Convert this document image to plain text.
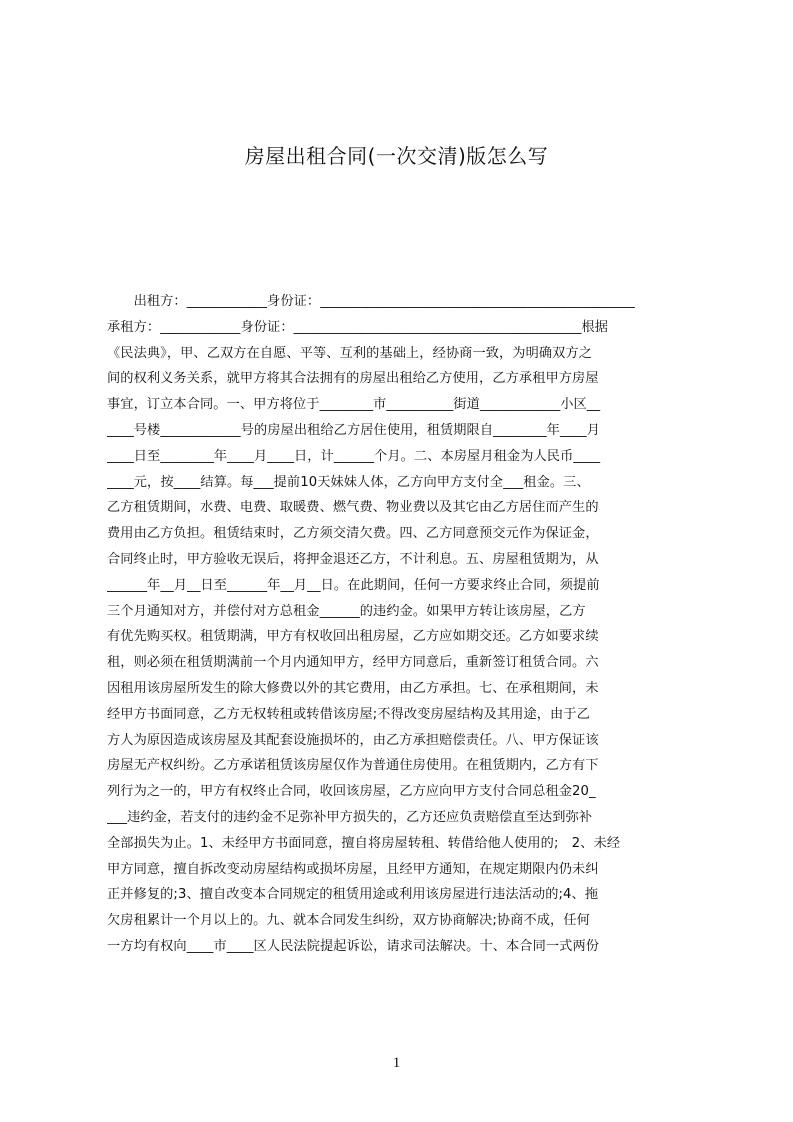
房屋出租合同(一次交清)版怎么写
　　出租方：____________身份证：_______________________________________________
承租方：____________身份证：___________________________________________根据
《民法典》，甲、乙双方在自愿、平等、互利的基础上，经协商一致，为明确双方之
间的权利义务关系，就甲方将其合法拥有的房屋出租给乙方使用，乙方承租甲方房屋
事宜，订立本合同。一、甲方将位于________市__________街道____________小区__
____号楼____________号的房屋出租给乙方居住使用，租赁期限自________年____月
____日至________年____月____日，计______个月。二、本房屋月租金为人民币____
____元，按____结算。每___提前10天妹妹人体，乙方向甲方支付全___租金。三、
乙方租赁期间，水费、电费、取暖费、燃气费、物业费以及其它由乙方居住而产生的
费用由乙方负担。租赁结束时，乙方须交清欠费。四、乙方同意预交元作为保证金，
合同终止时，甲方验收无误后，将押金退还乙方，不计利息。五、房屋租赁期为，从
______年__月__日至______年__月__日。在此期间，任何一方要求终止合同，须提前
三个月通知对方，并偿付对方总租金______的违约金。如果甲方转让该房屋，乙方
有优先购买权。租赁期满，甲方有权收回出租房屋，乙方应如期交还。乙方如要求续
租，则必须在租赁期满前一个月内通知甲方，经甲方同意后，重新签订租赁合同。六
因租用该房屋所发生的除大修费以外的其它费用，由乙方承担。七、在承租期间，未
经甲方书面同意，乙方无权转租或转借该房屋;不得改变房屋结构及其用途，由于乙
方人为原因造成该房屋及其配套设施损坏的，由乙方承担赔偿责任。八、甲方保证该
房屋无产权纠纷。乙方承诺租赁该房屋仅作为普通住房使用。在租赁期内，乙方有下
列行为之一的，甲方有权终止合同，收回该房屋，乙方应向甲方支付合同总租金20_
___违约金，若支付的违约金不足弥补甲方损失的，乙方还应负责赔偿直至达到弥补
全部损失为止。1、未经甲方书面同意，擅自将房屋转租、转借给他人使用的;　2、未经
甲方同意，擅自拆改变动房屋结构或损坏房屋，且经甲方通知，在规定期限内仍未纠
正并修复的;3、擅自改变本合同规定的租赁用途或利用该房屋进行违法活动的;4、拖
欠房租累计一个月以上的。九、就本合同发生纠纷，双方协商解决;协商不成，任何
一方均有权向____市____区人民法院提起诉讼，请求司法解决。十、本合同一式两份
1
